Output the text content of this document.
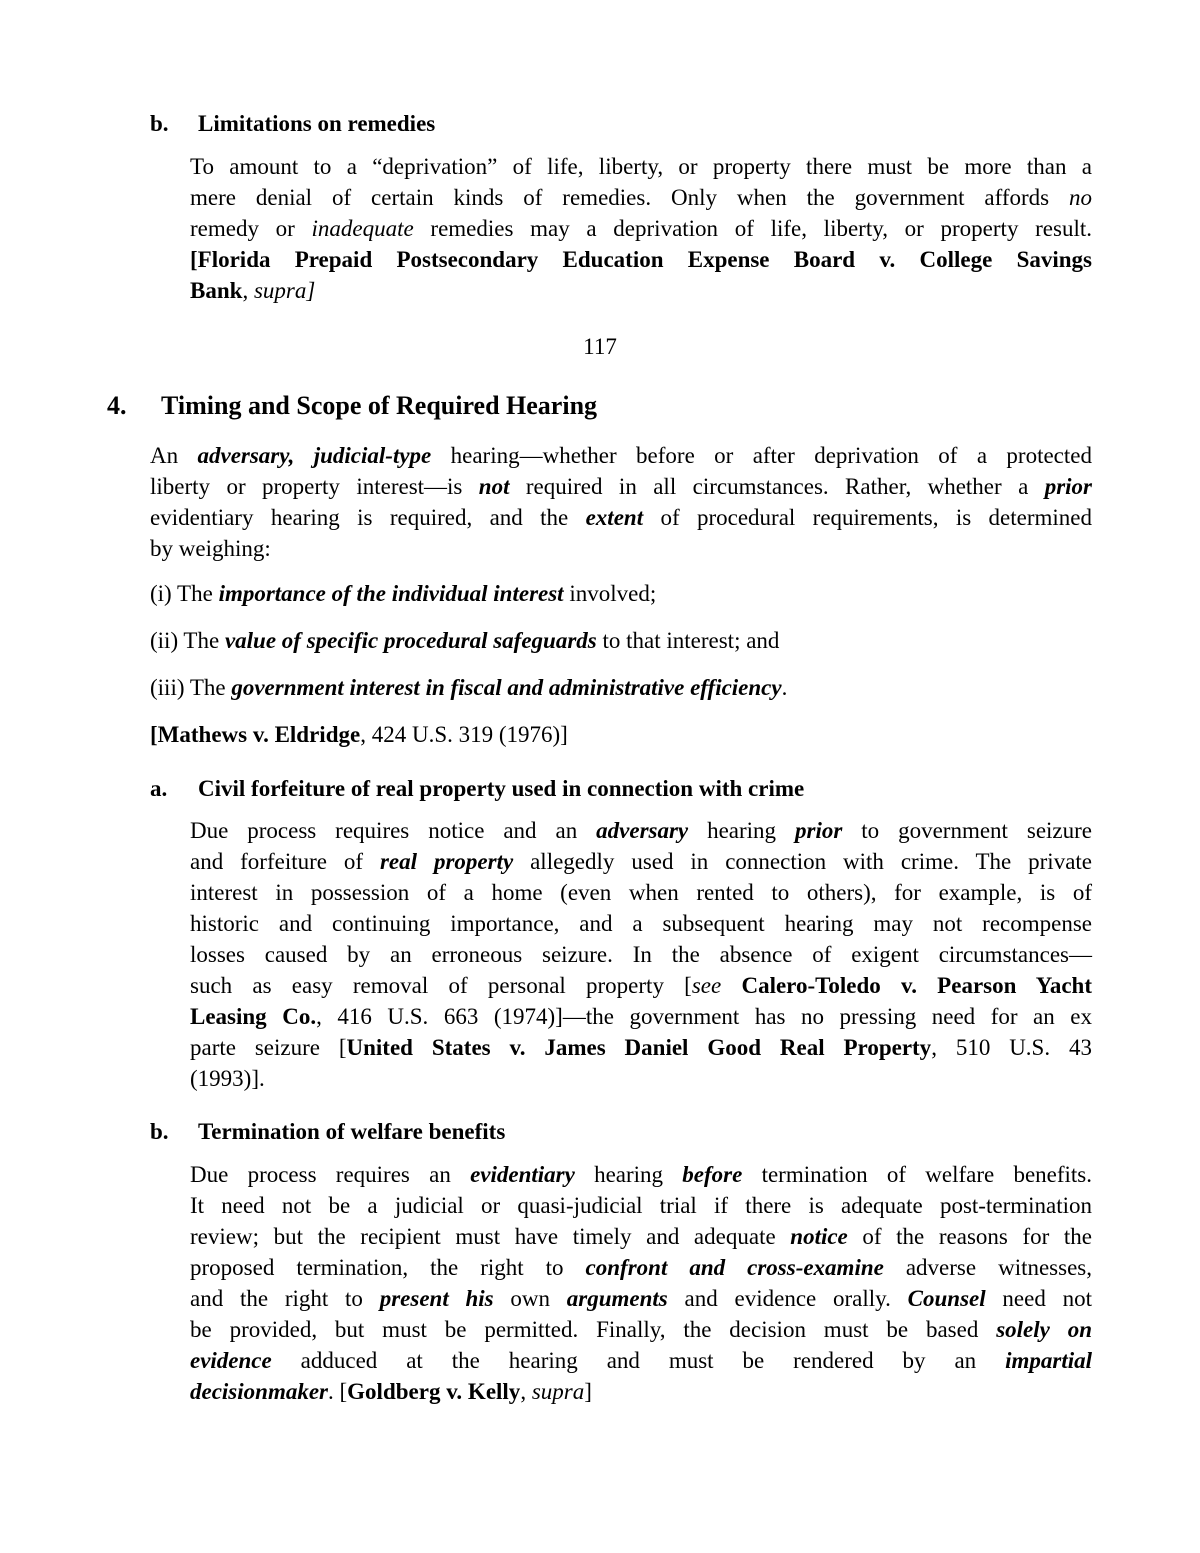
b. Limitations on remedies
To amount to a “deprivation” of life, liberty, or property there must be more than a
mere denial of certain kinds of remedies. Only when the government affords no
remedy or inadequate remedies may a deprivation of life, liberty, or property result.
[Florida Prepaid Postsecondary Education Expense Board v. College Savings
Bank, supra]
117
4. Timing and Scope of Required Hearing
An adversary, judicial-type hearing—whether before or after deprivation of a protected
liberty or property interest—is not required in all circumstances. Rather, whether a prior
evidentiary hearing is required, and the extent of procedural requirements, is determined
by weighing:
(i) The importance of the individual interest involved;
(ii) The value of specific procedural safeguards to that interest; and
(iii) The government interest in fiscal and administrative efficiency.
[Mathews v. Eldridge, 424 U.S. 319 (1976)]
a. Civil forfeiture of real property used in connection with crime
Due process requires notice and an adversary hearing prior to government seizure
and forfeiture of real property allegedly used in connection with crime. The private
interest in possession of a home (even when rented to others), for example, is of
historic and continuing importance, and a subsequent hearing may not recompense
losses caused by an erroneous seizure. In the absence of exigent circumstances—
such as easy removal of personal property [see Calero-Toledo v. Pearson Yacht
Leasing Co., 416 U.S. 663 (1974)]—the government has no pressing need for an ex
parte seizure [United States v. James Daniel Good Real Property, 510 U.S. 43
(1993)].
b. Termination of welfare benefits
Due process requires an evidentiary hearing before termination of welfare benefits.
It need not be a judicial or quasi-judicial trial if there is adequate post-termination
review; but the recipient must have timely and adequate notice of the reasons for the
proposed termination, the right to confront and cross-examine adverse witnesses,
and the right to present his own arguments and evidence orally. Counsel need not
be provided, but must be permitted. Finally, the decision must be based solely on
evidence adduced at the hearing and must be rendered by an impartial
decisionmaker. [Goldberg v. Kelly, supra]
